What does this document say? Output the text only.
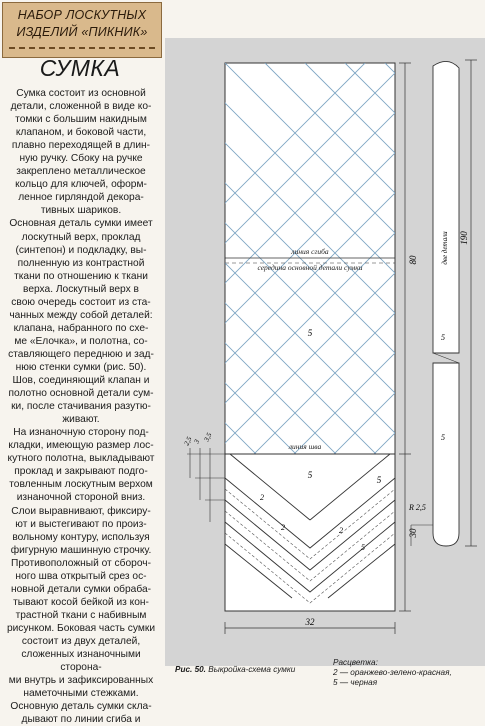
НАБОР ЛОСКУТНЫХ
ИЗДЕЛИЙ «ПИКНИК»
СУМКА

Сумка состоит из основной
детали, сложенной в виде ко-
томки с большим накидным
клапаном, и боковой части,
плавно переходящей в длин-
ную ручку. Сбоку на ручке
закреплено металлическое
кольцо для ключей, оформ-
ленное гирляндой декора-
тивных шариков.

Основная деталь сумки имеет
лоскутный верх, проклад
(синтепон) и подкладку, вы-
полненную из контрастной
ткани по отношению к ткани
верха. Лоскутный верх в
свою очередь состоит из ста-
чанных между собой деталей:
клапана, набранного по схе-
ме «Елочка», и полотна, со-
ставляющего переднюю и зад-
нюю стенки сумки (рис. 50).
Шов, соединяющий клапан и
полотно основной детали сум-
ки, после стачивания разутю-
живают.

На изнаночную сторону под-
кладки, имеющую размер лос-
кутного полотна, выкладывают
проклад и закрывают подго-
товленным лоскутным верхом
изнаночной стороной вниз.
Слои выравнивают, фиксиру-
ют и выстегивают по произ-
вольному контуру, используя
фигурную машинную строчку.
Противоположный от сбороч-
ного шва открытый срез ос-
новной детали сумки обраба-
тывают косой бейкой из кон-
трастной ткани с набивным
рисунком. Боковая часть сумки
состоит из двух деталей,
сложенных изнаночными сторона-
ми внутрь и зафиксированных
наметочными стежками.
Основную деталь сумки скла-
дывают по линии сгиба и

линия сгиба
середина основной детали сумки
линия шва
5
5	5
2
2	2
5
80
30
32
2,5 3 3,5
две детали 190
5
5
R 2,5
Рис. 50. Выкройка-схема сумки
Расцветка:
2 — оранжево-зелено-красная,
5 — черная
